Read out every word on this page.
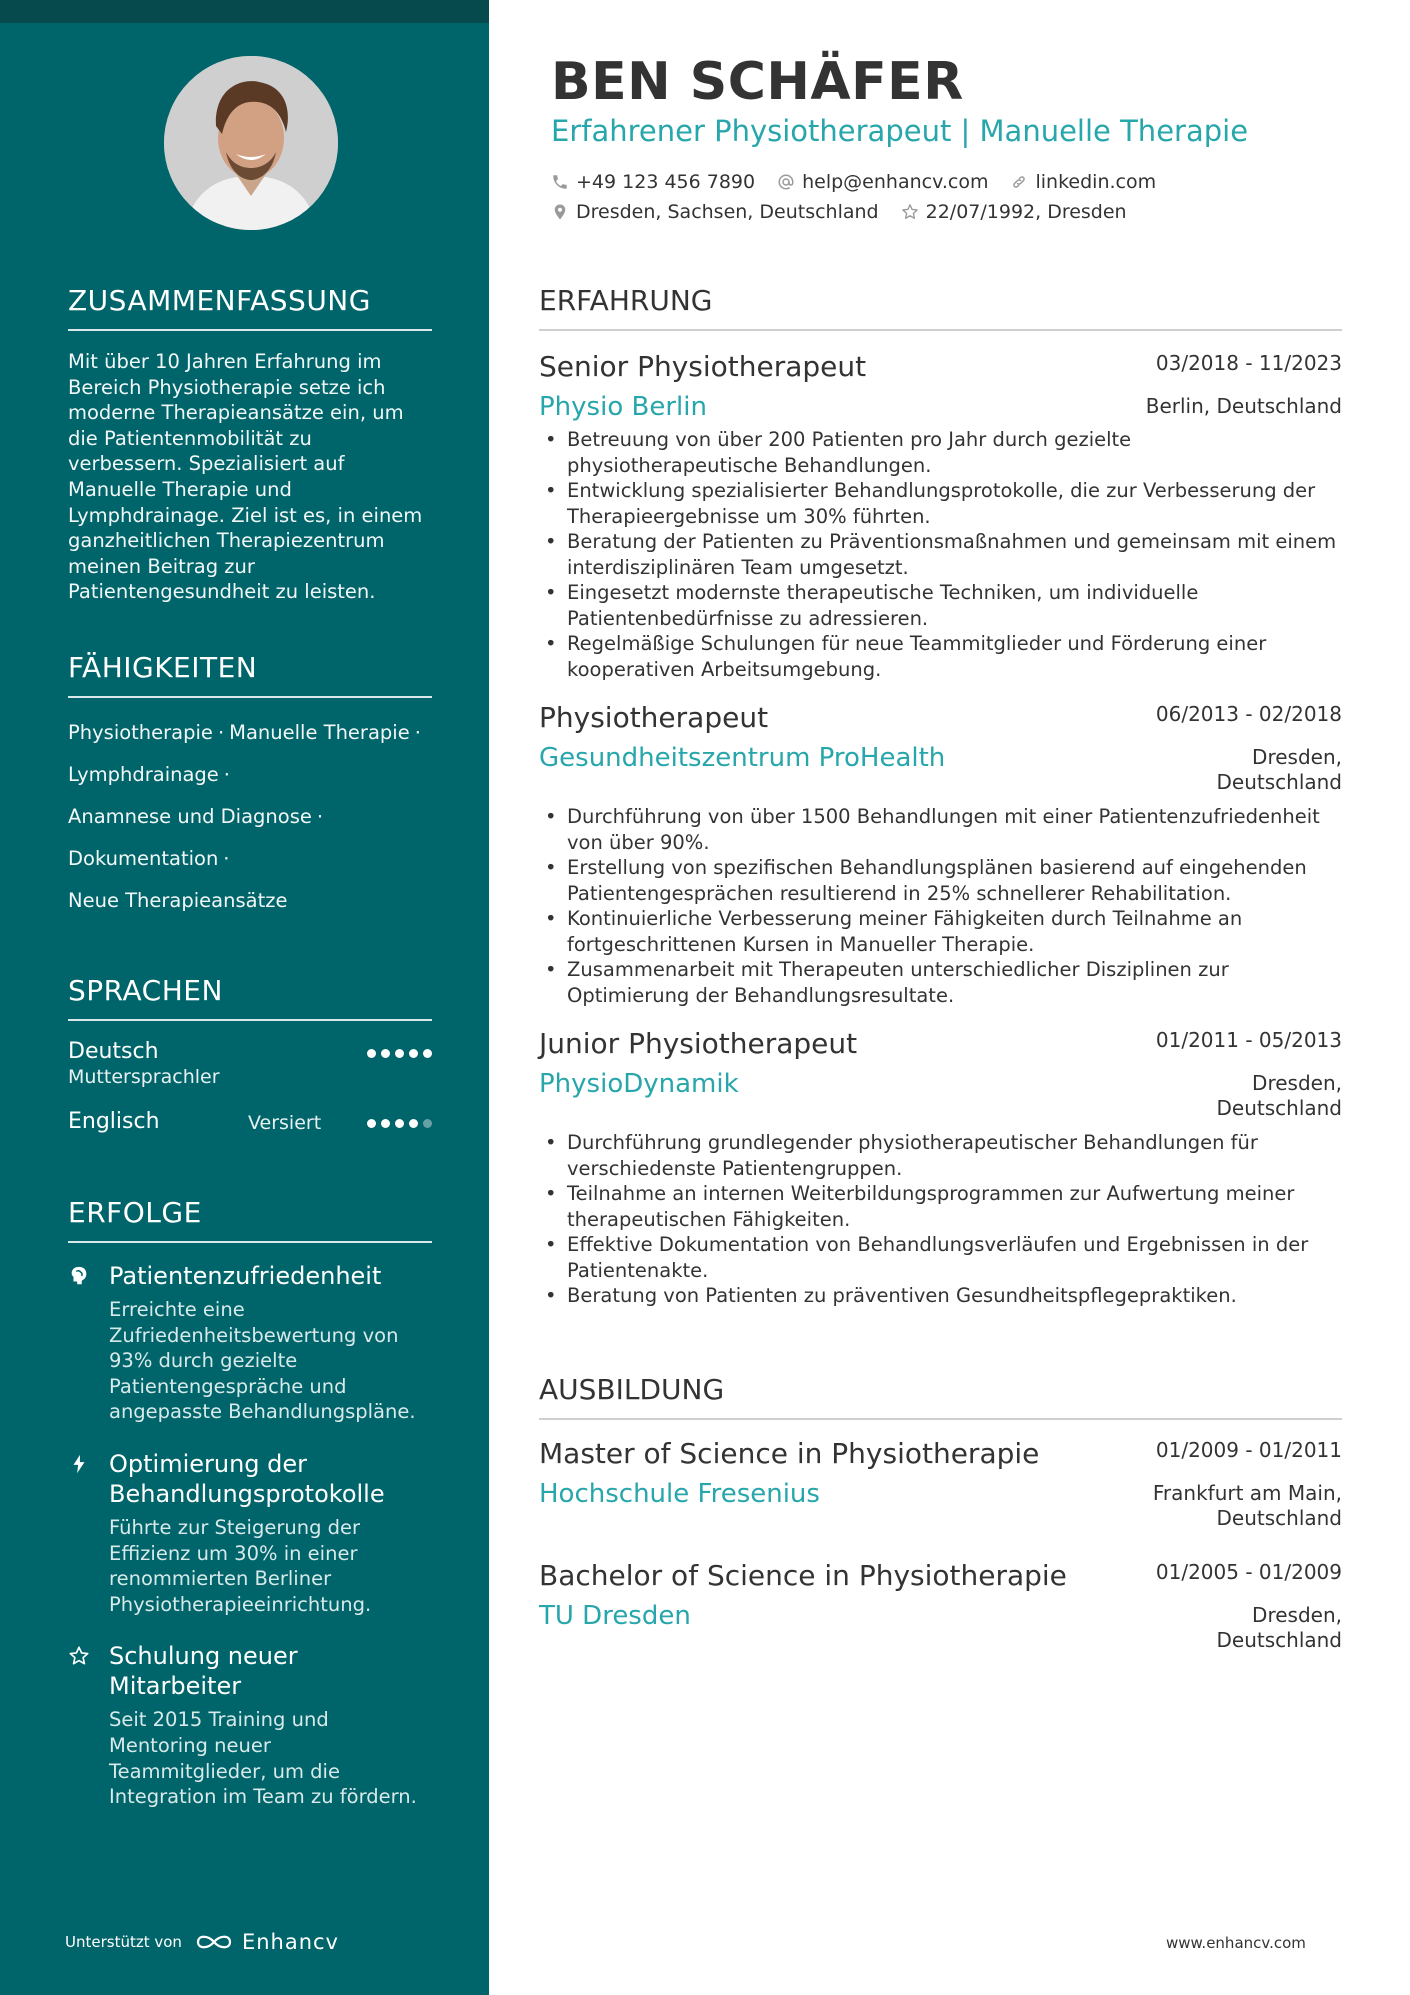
ZUSAMMENFASSUNG
Mit über 10 Jahren Erfahrung im Bereich Physiotherapie setze ich moderne Therapieansätze ein, um die Patientenmobilität zu verbessern. Spezialisiert auf Manuelle Therapie und Lymphdrainage. Ziel ist es, in einem ganzheitlichen Therapiezentrum meinen Beitrag zur Patientengesundheit zu leisten.
FÄHIGKEITEN
Physiotherapie · Manuelle Therapie ·
Lymphdrainage ·
Anamnese und Diagnose ·
Dokumentation ·
Neue Therapieansätze
SPRACHEN
Deutsch
Muttersprachler
Englisch	Versiert
ERFOLGE
Patientenzufriedenheit
Erreichte eine Zufriedenheitsbewertung von 93% durch gezielte Patientengespräche und angepasste Behandlungspläne.
Optimierung der Behandlungsprotokolle
Führte zur Steigerung der Effizienz um 30% in einer renommierten Berliner Physiotherapieeinrichtung.
Schulung neuer Mitarbeiter
Seit 2015 Training und Mentoring neuer Teammitglieder, um die Integration im Team zu fördern.
Unterstützt von	Enhancv
BEN SCHÄFER
Erfahrener Physiotherapeut | Manuelle Therapie
+49 123 456 7890 help@enhancv.com linkedin.com
Dresden, Sachsen, Deutschland 22/07/1992, Dresden
ERFAHRUNG
Senior Physiotherapeut	03/2018 - 11/2023
Physio Berlin	Berlin, Deutschland
• Betreuung von über 200 Patienten pro Jahr durch gezielte physiotherapeutische Behandlungen.
• Entwicklung spezialisierter Behandlungsprotokolle, die zur Verbesserung der Therapieergebnisse um 30% führten.
• Beratung der Patienten zu Präventionsmaßnahmen und gemeinsam mit einem interdisziplinären Team umgesetzt.
• Eingesetzt modernste therapeutische Techniken, um individuelle Patientenbedürfnisse zu adressieren.
• Regelmäßige Schulungen für neue Teammitglieder und Förderung einer kooperativen Arbeitsumgebung.
Physiotherapeut	06/2013 - 02/2018
Gesundheitszentrum ProHealth	Dresden, Deutschland
• Durchführung von über 1500 Behandlungen mit einer Patientenzufriedenheit von über 90%.
• Erstellung von spezifischen Behandlungsplänen basierend auf eingehenden Patientengesprächen resultierend in 25% schnellerer Rehabilitation.
• Kontinuierliche Verbesserung meiner Fähigkeiten durch Teilnahme an fortgeschrittenen Kursen in Manueller Therapie.
• Zusammenarbeit mit Therapeuten unterschiedlicher Disziplinen zur Optimierung der Behandlungsresultate.
Junior Physiotherapeut	01/2011 - 05/2013
PhysioDynamik	Dresden, Deutschland
• Durchführung grundlegender physiotherapeutischer Behandlungen für verschiedenste Patientengruppen.
• Teilnahme an internen Weiterbildungsprogrammen zur Aufwertung meiner therapeutischen Fähigkeiten.
• Effektive Dokumentation von Behandlungsverläufen und Ergebnissen in der Patientenakte.
• Beratung von Patienten zu präventiven Gesundheitspflegepraktiken.
AUSBILDUNG
Master of Science in Physiotherapie	01/2009 - 01/2011
Hochschule Fresenius	Frankfurt am Main, Deutschland
Bachelor of Science in Physiotherapie	01/2005 - 01/2009
TU Dresden	Dresden, Deutschland
www.enhancv.com
